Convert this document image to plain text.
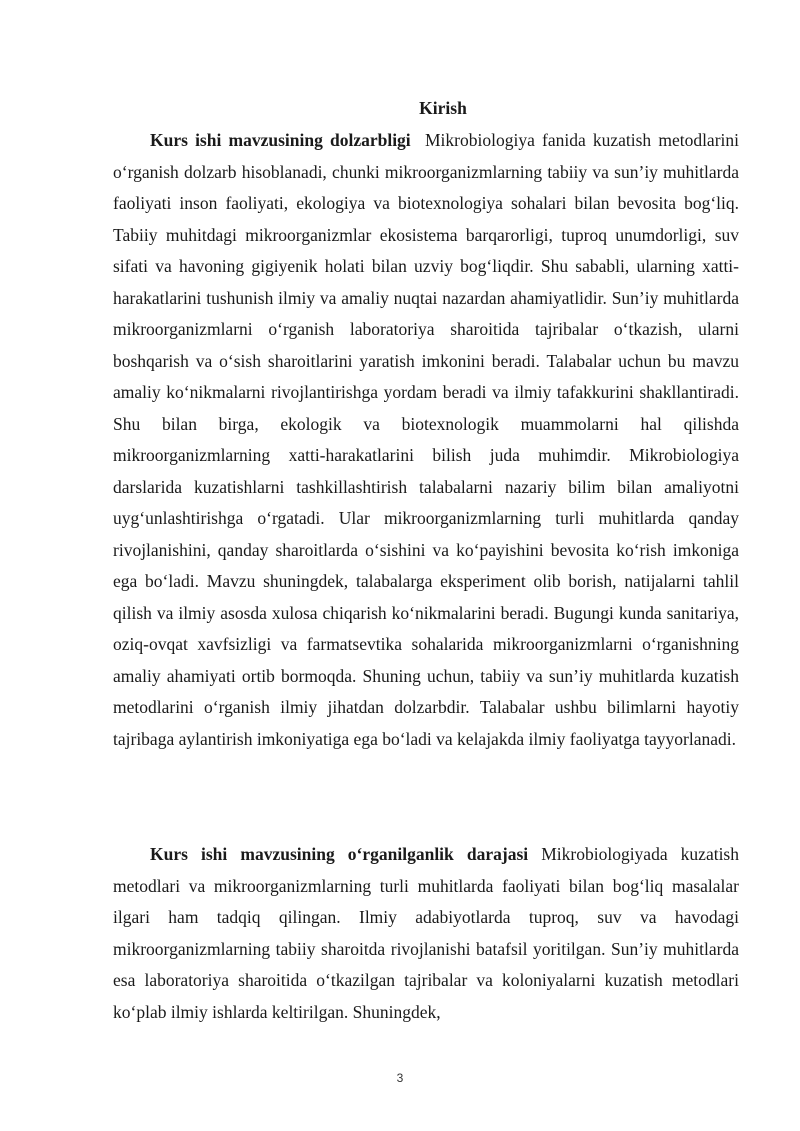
Kirish

Kurs ishi mavzusining dolzarbligi Mikrobiologiya fanida kuzatish metodlarini o‘rganish dolzarb hisoblanadi, chunki mikroorganizmlarning tabiiy va sun’iy muhitlarda faoliyati inson faoliyati, ekologiya va biotexnologiya sohalari bilan bevosita bog‘liq. Tabiiy muhitdagi mikroorganizmlar ekosistema barqarorligi, tuproq unumdorligi, suv sifati va havoning gigiyenik holati bilan uzviy bog‘liqdir. Shu sababli, ularning xatti-harakatlarini tushunish ilmiy va amaliy nuqtai nazardan ahamiyatlidir. Sun’iy muhitlarda mikroorganizmlarni o‘rganish laboratoriya sharoitida tajribalar o‘tkazish, ularni boshqarish va o‘sish sharoitlarini yaratish imkonini beradi. Talabalar uchun bu mavzu amaliy ko‘nikmalarni rivojlantirishga yordam beradi va ilmiy tafakkurini shakllantiradi. Shu bilan birga, ekologik va biotexnologik muammolarni hal qilishda mikroorganizmlarning xatti-harakatlarini bilish juda muhimdir. Mikrobiologiya darslarida kuzatishlarni tashkillashtirish talabalarni nazariy bilim bilan amaliyotni uyg‘unlashtirishga o‘rgatadi. Ular mikroorganizmlarning turli muhitlarda qanday rivojlanishini, qanday sharoitlarda o‘sishini va ko‘payishini bevosita ko‘rish imkoniga ega bo‘ladi. Mavzu shuningdek, talabalarga eksperiment olib borish, natijalarni tahlil qilish va ilmiy asosda xulosa chiqarish ko‘nikmalarini beradi. Bugungi kunda sanitariya, oziq-ovqat xavfsizligi va farmatsevtika sohalarida mikroorganizmlarni o‘rganishning amaliy ahamiyati ortib bormoqda. Shuning uchun, tabiiy va sun’iy muhitlarda kuzatish metodlarini o‘rganish ilmiy jihatdan dolzarbdir. Talabalar ushbu bilimlarni hayotiy tajribaga aylantirish imkoniyatiga ega bo‘ladi va kelajakda ilmiy faoliyatga tayyorlanadi.

Kurs ishi mavzusining o‘rganilganlik darajasi Mikrobiologiyada kuzatish metodlari va mikroorganizmlarning turli muhitlarda faoliyati bilan bog‘liq masalalar ilgari ham tadqiq qilingan. Ilmiy adabiyotlarda tuproq, suv va havodagi mikroorganizmlarning tabiiy sharoitda rivojlanishi batafsil yoritilgan. Sun’iy muhitlarda esa laboratoriya sharoitida o‘tkazilgan tajribalar va koloniyalarni kuzatish metodlari ko‘plab ilmiy ishlarda keltirilgan. Shuningdek,

3
